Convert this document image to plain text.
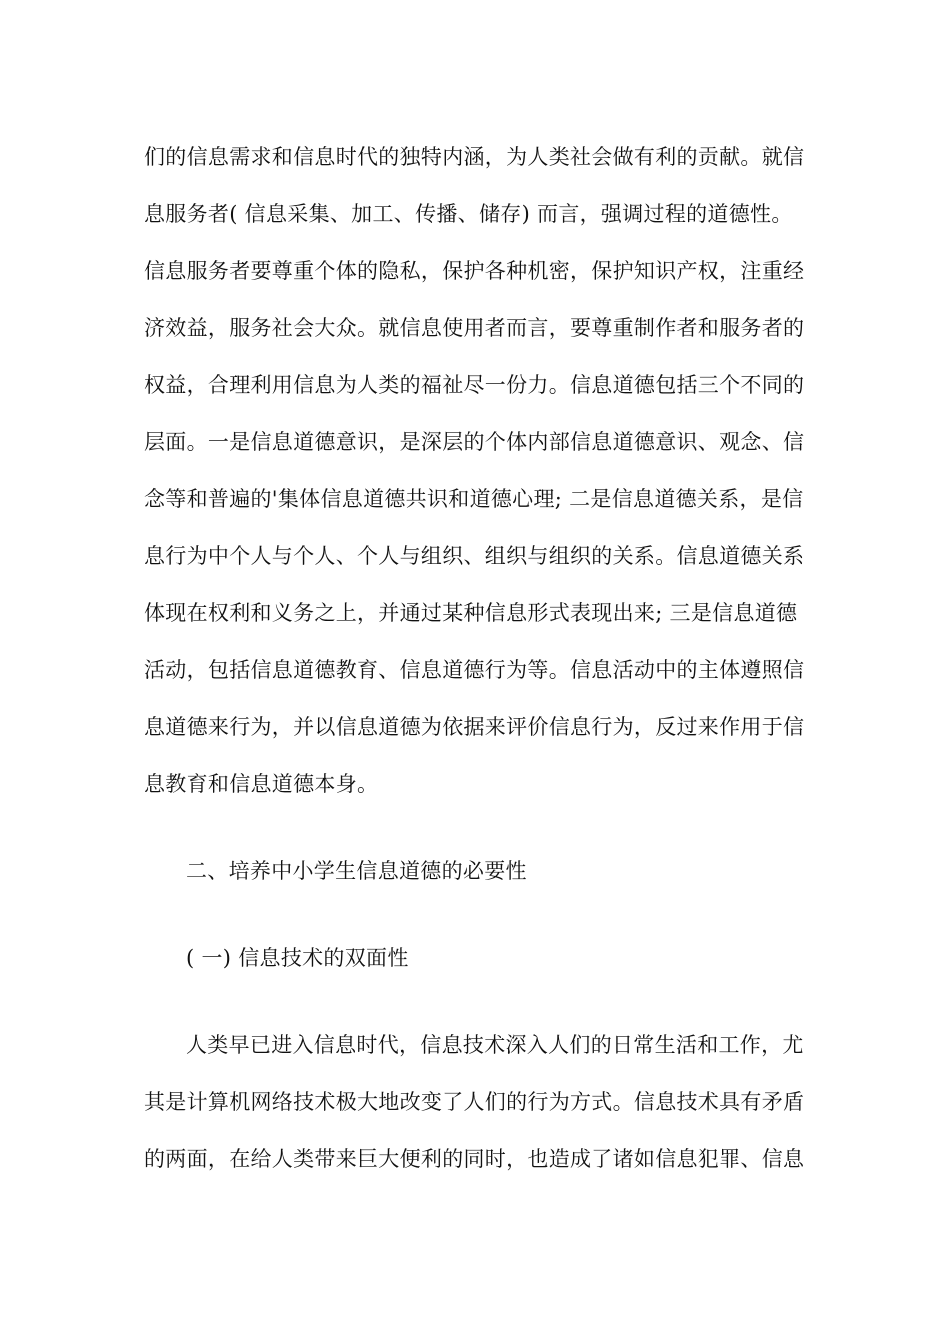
们的信息需求和信息时代的独特内涵，为人类社会做有利的贡献。就信
息服务者( 信息采集、加工、传播、储存) 而言，强调过程的道德性。
信息服务者要尊重个体的隐私，保护各种机密，保护知识产权，注重经
济效益，服务社会大众。就信息使用者而言，要尊重制作者和服务者的
权益，合理利用信息为人类的福祉尽一份力。信息道德包括三个不同的
层面。一是信息道德意识，是深层的个体内部信息道德意识、观念、信
念等和普遍的'集体信息道德共识和道德心理; 二是信息道德关系，是信
息行为中个人与个人、个人与组织、组织与组织的关系。信息道德关系
体现在权利和义务之上，并通过某种信息形式表现出来; 三是信息道德
活动，包括信息道德教育、信息道德行为等。信息活动中的主体遵照信
息道德来行为，并以信息道德为依据来评价信息行为，反过来作用于信
息教育和信息道德本身。
二、培养中小学生信息道德的必要性
( 一) 信息技术的双面性
人类早已进入信息时代，信息技术深入人们的日常生活和工作，尤
其是计算机网络技术极大地改变了人们的行为方式。信息技术具有矛盾
的两面，在给人类带来巨大便利的同时，也造成了诸如信息犯罪、信息
